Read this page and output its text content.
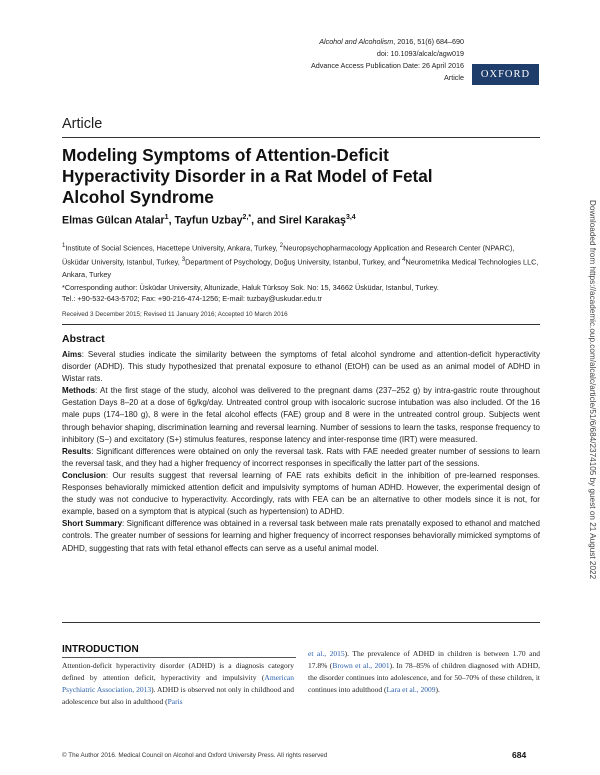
Alcohol and Alcoholism, 2016, 51(6) 684–690
doi: 10.1093/alcalc/agw019
Advance Access Publication Date: 26 April 2016
Article OXFORD
Article
Modeling Symptoms of Attention-Deficit Hyperactivity Disorder in a Rat Model of Fetal Alcohol Syndrome
Elmas Gülcan Atalar$^1$, Tayfun Uzbay$^{2,*}$, and Sirel Karakaş$^{3,4}$
$^1$Institute of Social Sciences, Hacettepe University, Ankara, Turkey, $^2$Neuropsychopharmacology Application and Research Center (NPARC), Üsküdar University, Istanbul, Turkey, $^3$Department of Psychology, Doğuş University, Istanbul, Turkey, and $^4$Neurometrika Medical Technologies LLC, Ankara, Turkey
*Corresponding author: Üsküdar University, Altunizade, Haluk Türksoy Sok. No: 15, 34662 Üsküdar, Istanbul, Turkey.
Tel.: +90-532-643-5702; Fax: +90-216-474-1256; E-mail: tuzbay@uskudar.edu.tr
Received 3 December 2015; Revised 11 January 2016; Accepted 10 March 2016
Abstract

Aims: Several studies indicate the similarity between the symptoms of fetal alcohol syndrome and attention-deficit hyperactivity disorder (ADHD). This study hypothesized that prenatal exposure to ethanol (EtOH) can be used as an animal model of ADHD in Wistar rats.

Methods: At the first stage of the study, alcohol was delivered to the pregnant dams (237–252 g) by intra-gastric route throughout Gestation Days 8–20 at a dose of 6g/kg/day. Untreated control group with isocaloric sucrose intubation was also included. Of the 16 male pups (174–180 g), 8 were in the fetal alcohol effects (FAE) group and 8 were in the untreated control group. Subjects went through behavior shaping, discrimination learning and reversal learning. Number of sessions to learn the tasks, response frequency to inhibitory (S−) and excitatory (S+) stimulus features, response latency and inter-response time (IRT) were measured.

Results: Significant differences were obtained on only the reversal task. Rats with FAE needed greater number of sessions to learn the reversal task, and they had a higher frequency of incorrect responses in specifically the latter part of the sessions.

Conclusion: Our results suggest that reversal learning of FAE rats exhibits deficit in the inhibition of pre-learned responses. Responses behaviorally mimicked attention deficit and impulsivity symptoms of human ADHD. However, the experimental design of the study was not conducive to hyperactivity. Accordingly, rats with FEA can be an alternative to other models since it is not, for example, based on a symptom that is atypical (such as hypertension) to ADHD.

Short Summary: Significant difference was obtained in a reversal task between male rats prenatally exposed to ethanol and matched controls. The greater number of sessions for learning and higher frequency of incorrect responses behaviorally mimicked symptoms of ADHD, suggesting that rats with fetal ethanol effects can serve as a useful animal model.

INTRODUCTION
Attention-deficit hyperactivity disorder (ADHD) is a diagnosis category defined by attention deficit, hyperactivity and impulsivity (American Psychiatric Association, 2013). ADHD is observed not only in childhood and adolescence but also in adulthood (Paris
et al., 2015). The prevalence of ADHD in children is between 1.70 and 17.8% (Brown et al., 2001). In 78–85% of children diagnosed with ADHD, the disorder continues into adolescence, and for 50–70% of these children, it continues into adulthood (Lara et al., 2009).
© The Author 2016. Medical Council on Alcohol and Oxford University Press. All rights reserved	684
Downloaded from https://academic.oup.com/alcalc/article/51/6/684/2374105 by guest on 21 August 2022
